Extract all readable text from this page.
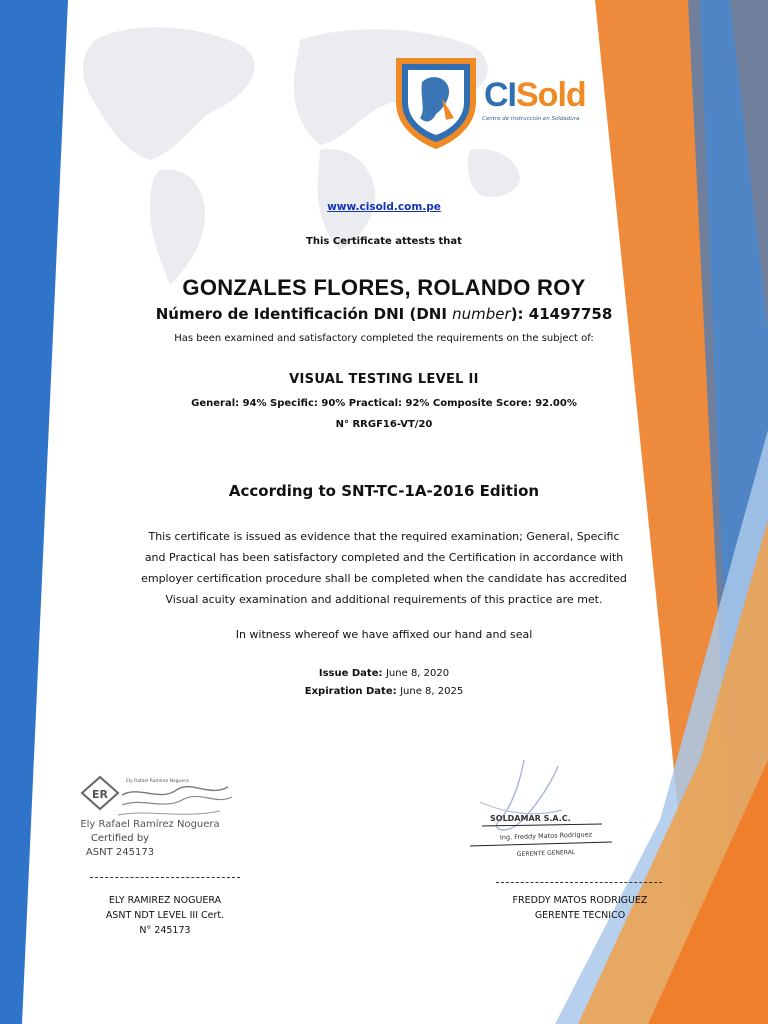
CISold
Centro de Instrucción en Soldadura
www.cisold.com.pe
This Certificate attests that
GONZALES FLORES, ROLANDO ROY
Número de Identificación DNI (DNI number): 41497758
Has been examined and satisfactory completed the requirements on the subject of:
VISUAL TESTING LEVEL II
General: 94% Specific: 90% Practical: 92% Composite Score: 92.00%
N° RRGF16-VT/20
According to SNT-TC-1A-2016 Edition
This certificate is issued as evidence that the required examination; General, Specific
and Practical has been satisfactory completed and the Certification in accordance with
employer certification procedure shall be completed when the candidate has accredited
Visual acuity examination and additional requirements of this practice are met.
In witness whereof we have affixed our hand and seal
Issue Date: June 8, 2020
Expiration Date: June 8, 2025
ER
Ely Rafael Ramírez Noguera
Ely Rafael Ramírez Noguera
Certified by
ASNT 245173
SOLDAMAR S.A.C.
Ing. Freddy Matos Rodríguez
GERENTE GENERAL
ELY RAMIREZ NOGUERA
ASNT NDT LEVEL III Cert.
N° 245173
FREDDY MATOS RODRIGUEZ
GERENTE TECNICO
